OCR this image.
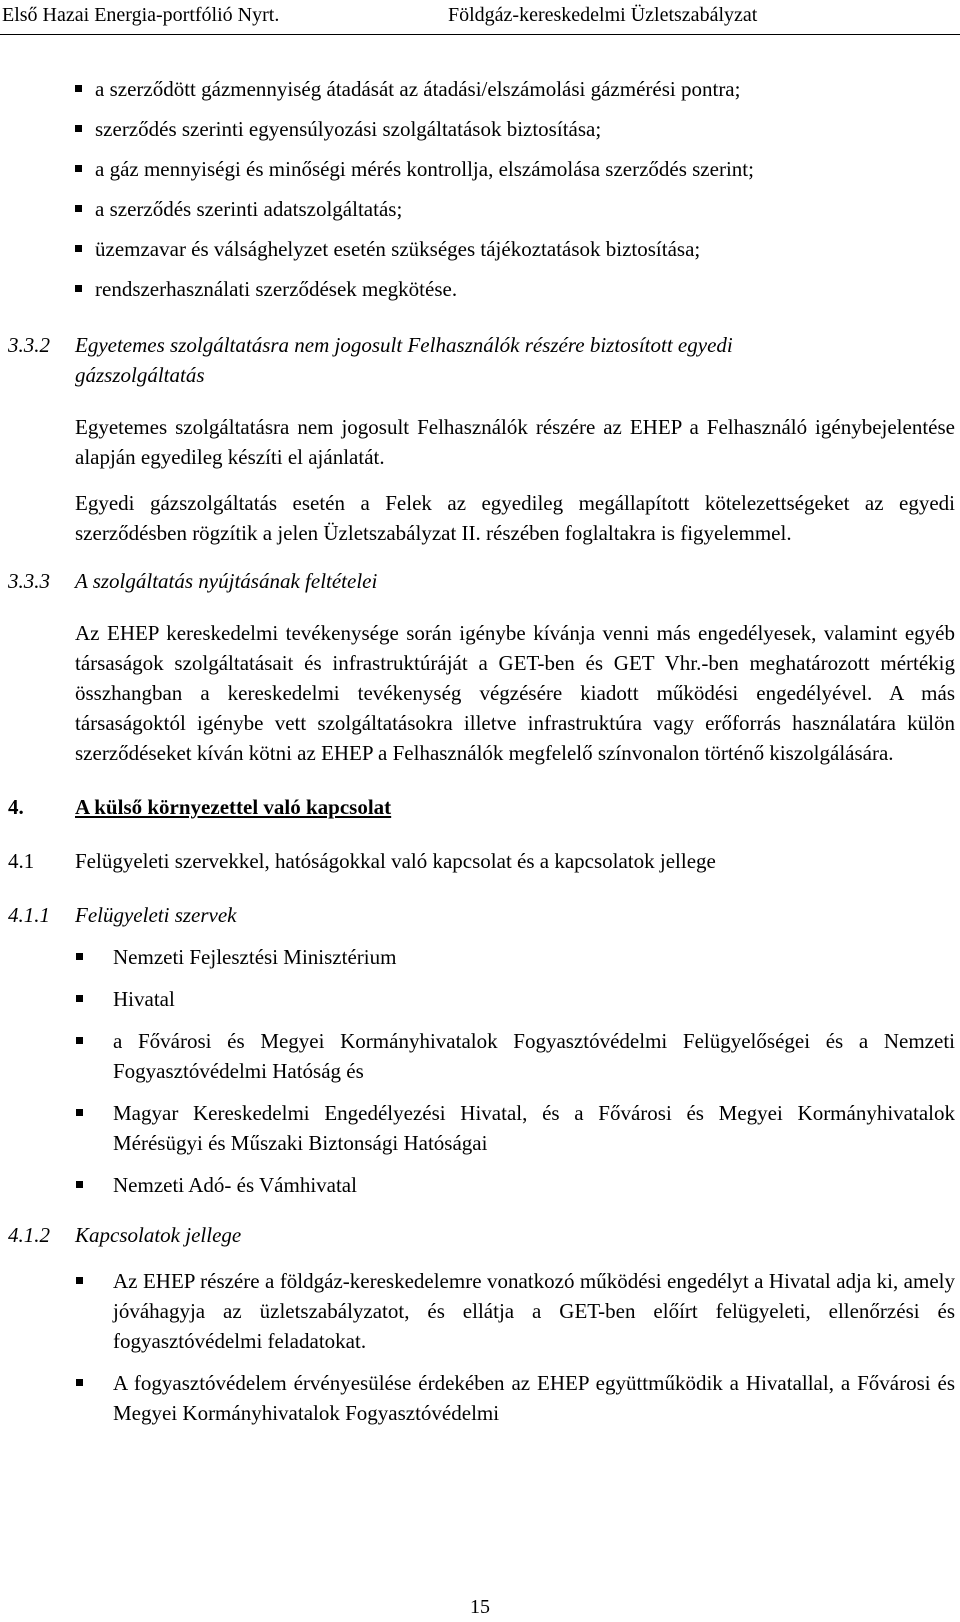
Első Hazai Energia-portfólió Nyrt.	Földgáz-kereskedelmi Üzletszabályzat
a szerződött gázmennyiség átadását az átadási/elszámolási gázmérési pontra;
szerződés szerinti egyensúlyozási szolgáltatások biztosítása;
a gáz mennyiségi és minőségi mérés kontrollja, elszámolása szerződés szerint;
a szerződés szerinti adatszolgáltatás;
üzemzavar és válsághelyzet esetén szükséges tájékoztatások biztosítása;
rendszerhasználati szerződések megkötése.
3.3.2 Egyetemes szolgáltatásra nem jogosult Felhasználók részére biztosított egyedi
gázszolgáltatás

Egyetemes szolgáltatásra nem jogosult Felhasználók részére az EHEP a Felhasználó igénybejelentése alapján egyedileg készíti el ajánlatát.

Egyedi gázszolgáltatás esetén a Felek az egyedileg megállapított kötelezettségeket az egyedi szerződésben rögzítik a jelen Üzletszabályzat II. részében foglaltakra is figyelemmel.

3.3.3 A szolgáltatás nyújtásának feltételei

Az EHEP kereskedelmi tevékenysége során igénybe kívánja venni más engedélyesek, valamint egyéb társaságok szolgáltatásait és infrastruktúráját a GET-ben és GET Vhr.-ben meghatározott mértékig összhangban a kereskedelmi tevékenység végzésére kiadott működési engedélyével. A más társaságoktól igénybe vett szolgáltatásokra illetve infrastruktúra vagy erőforrás használatára külön szerződéseket kíván kötni az EHEP a Felhasználók megfelelő színvonalon történő kiszolgálására.

4. A külső környezettel való kapcsolat
4.1 Felügyeleti szervekkel, hatóságokkal való kapcsolat és a kapcsolatok jellege
4.1.1 Felügyeleti szervek
Nemzeti Fejlesztési Minisztérium
Hivatal
a Fővárosi és Megyei Kormányhivatalok Fogyasztóvédelmi Felügyelőségei és a Nemzeti Fogyasztóvédelmi Hatóság és
Magyar Kereskedelmi Engedélyezési Hivatal, és a Fővárosi és Megyei Kormányhivatalok Mérésügyi és Műszaki Biztonsági Hatóságai
Nemzeti Adó- és Vámhivatal
4.1.2 Kapcsolatok jellege
Az EHEP részére a földgáz-kereskedelemre vonatkozó működési engedélyt a Hivatal adja ki, amely jóváhagyja az üzletszabályzatot, és ellátja a GET-ben előírt felügyeleti, ellenőrzési és fogyasztóvédelmi feladatokat.
A fogyasztóvédelem érvényesülése érdekében az EHEP együttműködik a Hivatallal, a Fővárosi és Megyei Kormányhivatalok Fogyasztóvédelmi
15
